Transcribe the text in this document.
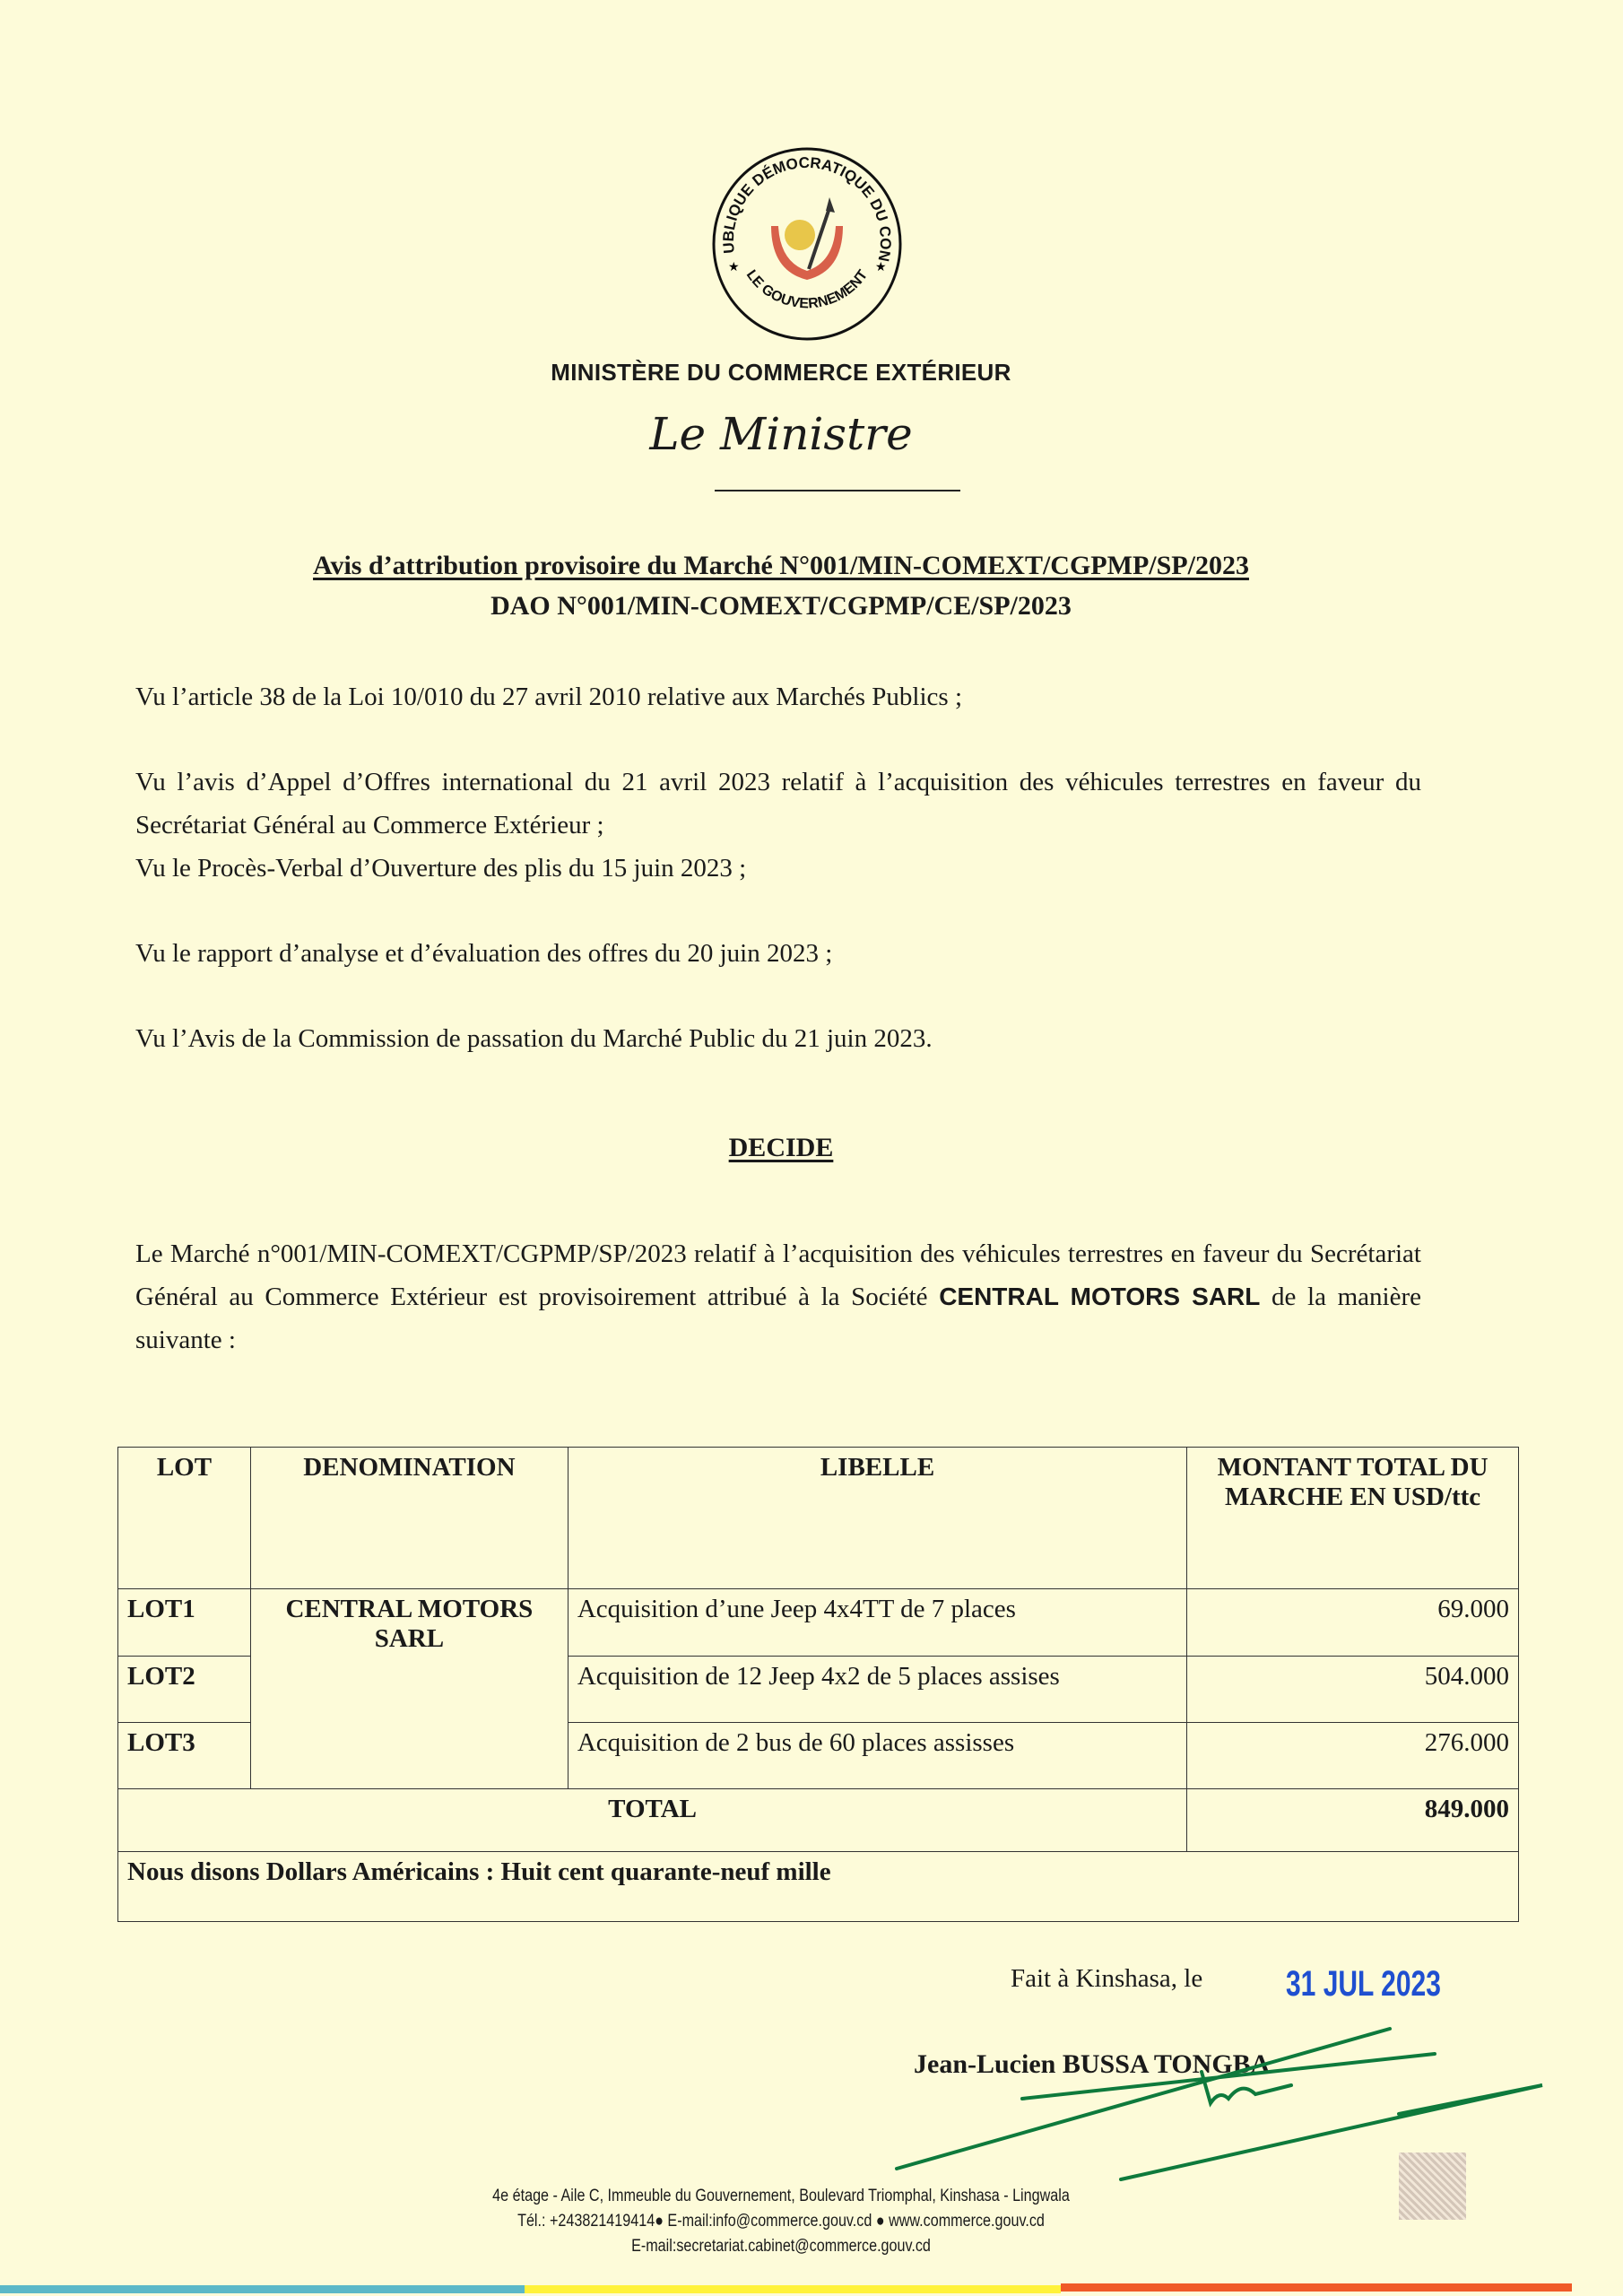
UBLIQUE DÉMOCRATIQUE DU CON
LE GOUVERNEMENT
★	★
MINISTÈRE DU COMMERCE EXTÉRIEUR
Le Ministre
Avis d’attribution provisoire du Marché N°001/MIN-COMEXT/CGPMP/SP/2023
DAO N°001/MIN-COMEXT/CGPMP/CE/SP/2023
Vu l’article 38 de la Loi 10/010 du 27 avril 2010 relative aux Marchés Publics ;
Vu l’avis d’Appel d’Offres international du 21 avril 2023 relatif à l’acquisition des véhicules terrestres en faveur du Secrétariat Général au Commerce Extérieur ;
Vu le Procès-Verbal d’Ouverture des plis du 15 juin 2023 ;
Vu le rapport d’analyse et d’évaluation des offres du 20 juin 2023 ;
Vu l’Avis de la Commission de passation du Marché Public du 21 juin 2023.
DECIDE
Le Marché n°001/MIN-COMEXT/CGPMP/SP/2023 relatif à l’acquisition des véhicules terrestres en faveur du Secrétariat Général au Commerce Extérieur est provisoirement attribué à la Société CENTRAL MOTORS SARL de la manière suivante :
LOT	DENOMINATION	LIBELLE	MONTANT TOTAL DU MARCHE EN USD/ttc
LOT1	CENTRAL MOTORS SARL	Acquisition d’une Jeep 4x4TT de 7 places	69.000
LOT2		Acquisition de 12 Jeep 4x2 de 5 places assises	504.000
LOT3		Acquisition de 2 bus de 60 places assisses	276.000
TOTAL			849.000
Nous disons Dollars Américains : Huit cent quarante-neuf mille			
Fait à Kinshasa, le 31 JUL 2023
Jean-Lucien BUSSA TONGBA
4e étage - Aile C, Immeuble du Gouvernement, Boulevard Triomphal, Kinshasa - Lingwala
Tél.: +243821419414● E-mail:info@commerce.gouv.cd ● www.commerce.gouv.cd
E-mail:secretariat.cabinet@commerce.gouv.cd
